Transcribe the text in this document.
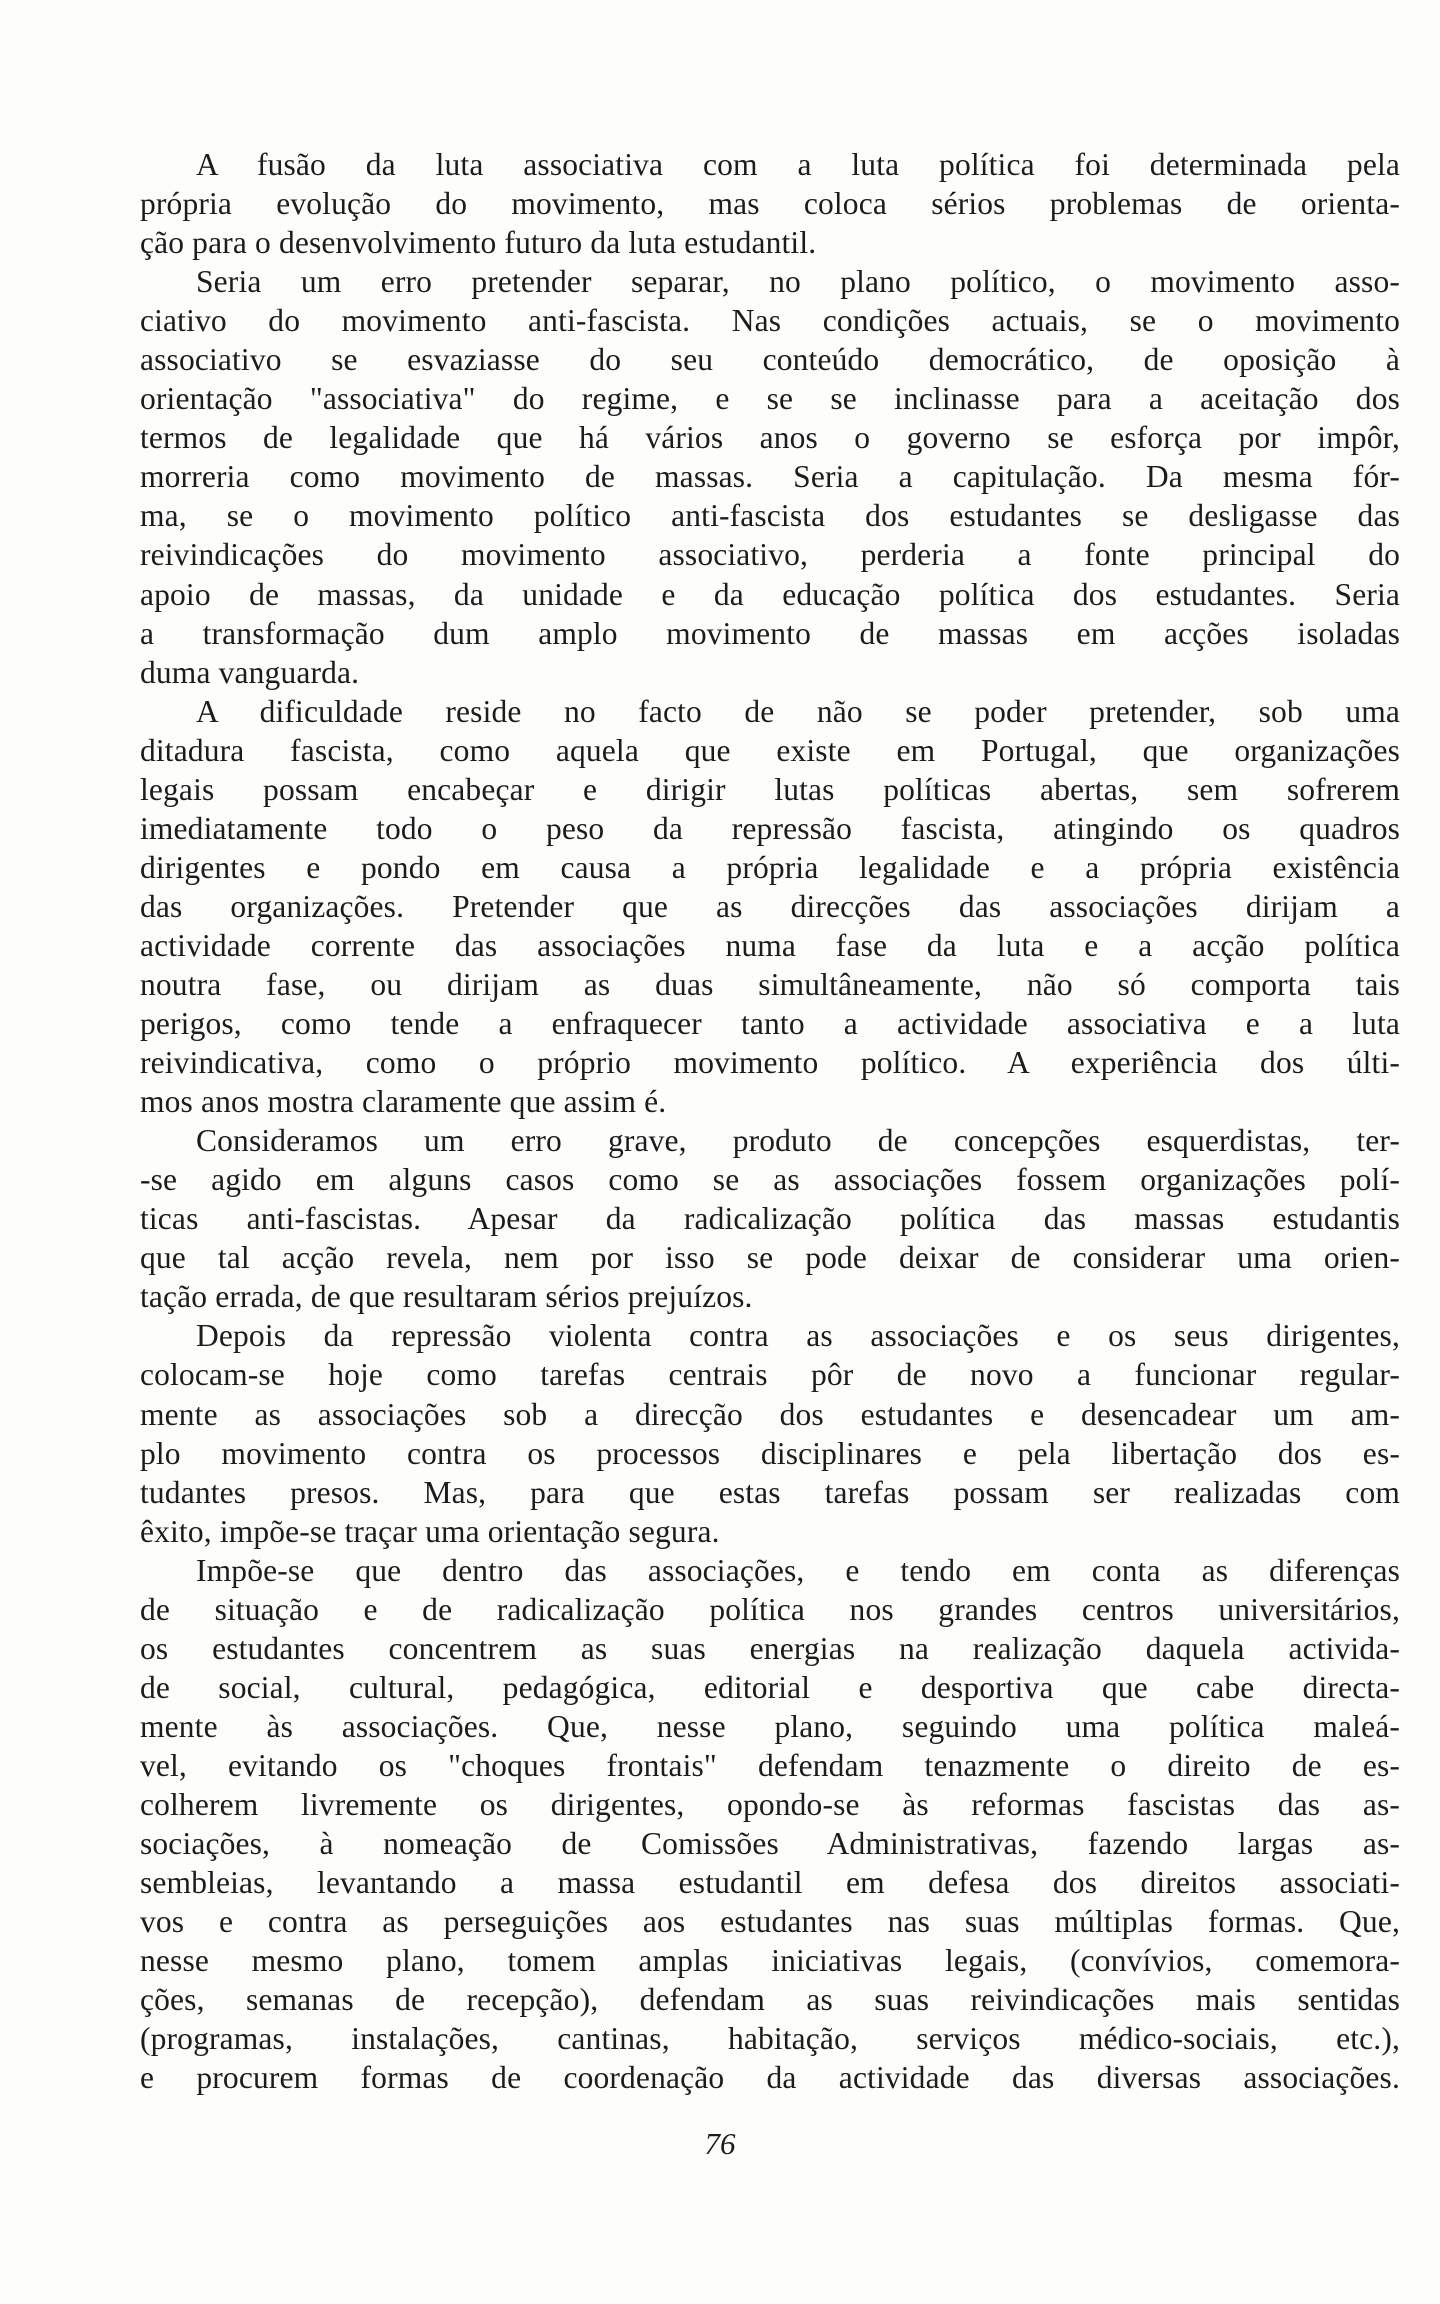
A fusão da luta associativa com a luta política foi determinada pela
própria evolução do movimento, mas coloca sérios problemas de orienta-
ção para o desenvolvimento futuro da luta estudantil.
Seria um erro pretender separar, no plano político, o movimento asso-
ciativo do movimento anti-fascista. Nas condições actuais, se o movimento
associativo se esvaziasse do seu conteúdo democrático, de oposição à
orientação "associativa" do regime, e se se inclinasse para a aceitação dos
termos de legalidade que há vários anos o governo se esforça por impôr,
morreria como movimento de massas. Seria a capitulação. Da mesma fór-
ma, se o movimento político anti-fascista dos estudantes se desligasse das
reivindicações do movimento associativo, perderia a fonte principal do
apoio de massas, da unidade e da educação política dos estudantes. Seria
a transformação dum amplo movimento de massas em acções isoladas
duma vanguarda.
A dificuldade reside no facto de não se poder pretender, sob uma
ditadura fascista, como aquela que existe em Portugal, que organizações
legais possam encabeçar e dirigir lutas políticas abertas, sem sofrerem
imediatamente todo o peso da repressão fascista, atingindo os quadros
dirigentes e pondo em causa a própria legalidade e a própria existência
das organizações. Pretender que as direcções das associações dirijam a
actividade corrente das associações numa fase da luta e a acção política
noutra fase, ou dirijam as duas simultâneamente, não só comporta tais
perigos, como tende a enfraquecer tanto a actividade associativa e a luta
reivindicativa, como o próprio movimento político. A experiência dos últi-
mos anos mostra claramente que assim é.
Consideramos um erro grave, produto de concepções esquerdistas, ter-
-se agido em alguns casos como se as associações fossem organizações polí-
ticas anti-fascistas. Apesar da radicalização política das massas estudantis
que tal acção revela, nem por isso se pode deixar de considerar uma orien-
tação errada, de que resultaram sérios prejuízos.
Depois da repressão violenta contra as associações e os seus dirigentes,
colocam-se hoje como tarefas centrais pôr de novo a funcionar regular-
mente as associações sob a direcção dos estudantes e desencadear um am-
plo movimento contra os processos disciplinares e pela libertação dos es-
tudantes presos. Mas, para que estas tarefas possam ser realizadas com
êxito, impõe-se traçar uma orientação segura.
Impõe-se que dentro das associações, e tendo em conta as diferenças
de situação e de radicalização política nos grandes centros universitários,
os estudantes concentrem as suas energias na realização daquela activida-
de social, cultural, pedagógica, editorial e desportiva que cabe directa-
mente às associações. Que, nesse plano, seguindo uma política maleá-
vel, evitando os "choques frontais" defendam tenazmente o direito de es-
colherem livremente os dirigentes, opondo-se às reformas fascistas das as-
sociações, à nomeação de Comissões Administrativas, fazendo largas as-
sembleias, levantando a massa estudantil em defesa dos direitos associati-
vos e contra as perseguições aos estudantes nas suas múltiplas formas. Que,
nesse mesmo plano, tomem amplas iniciativas legais, (convívios, comemora-
ções, semanas de recepção), defendam as suas reivindicações mais sentidas
(programas, instalações, cantinas, habitação, serviços médico-sociais, etc.),
e procurem formas de coordenação da actividade das diversas associações.
76
